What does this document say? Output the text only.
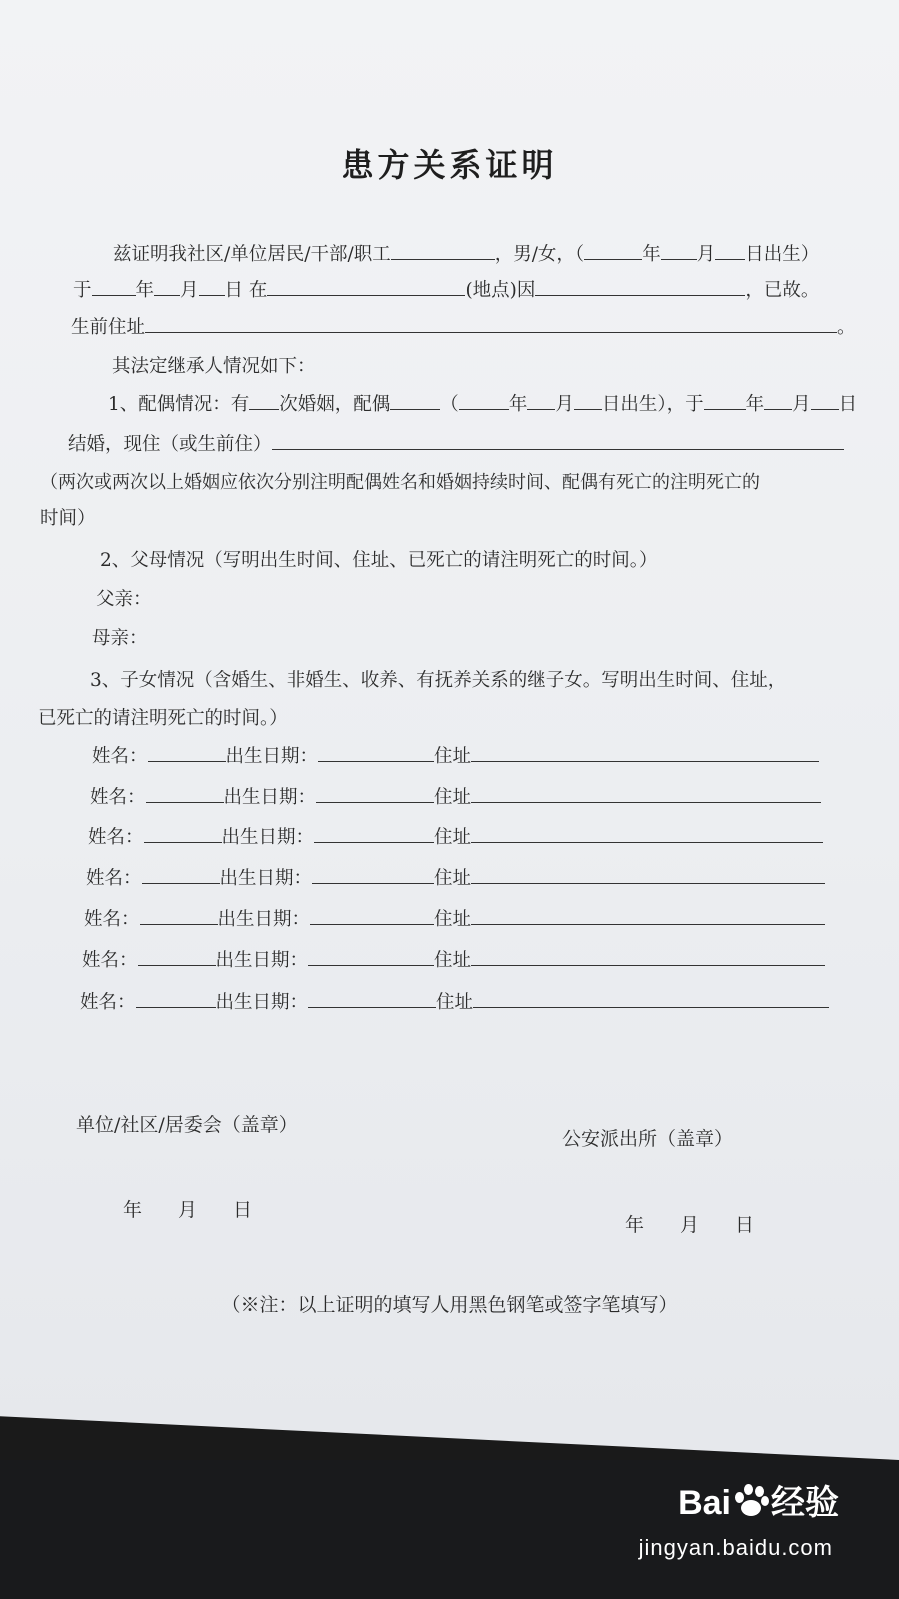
患方关系证明
兹证明我社区/单位居民/干部/职工	，男/女，（	年 月 日出生）
于 年 月 日 在	(地点)因	，已故。
生前住址	。
其法定继承人情况如下：
1、配偶情况：有 次婚姻，配偶	（	年 月 日出生），于 年 月 日
结婚，现住（或生前住）
（两次或两次以上婚姻应依次分别注明配偶姓名和婚姻持续时间、配偶有死亡的注明死亡的
时间）
2、父母情况（写明出生时间、住址、已死亡的请注明死亡的时间。）
父亲：
母亲：
3、子女情况（含婚生、非婚生、收养、有抚养关系的继子女。写明出生时间、住址，
已死亡的请注明死亡的时间。）
姓名：	出生日期：	住址
姓名：	出生日期：	住址
姓名：	出生日期：	住址
姓名：	出生日期：	住址
姓名：	出生日期：	住址
姓名：	出生日期：	住址
姓名：	出生日期：	住址
单位/社区/居委会（盖章）
公安派出所（盖章）
年 月 日
年 月 日
（※注：以上证明的填写人用黑色钢笔或签字笔填写）
Bai 经验
jingyan.baidu.com
